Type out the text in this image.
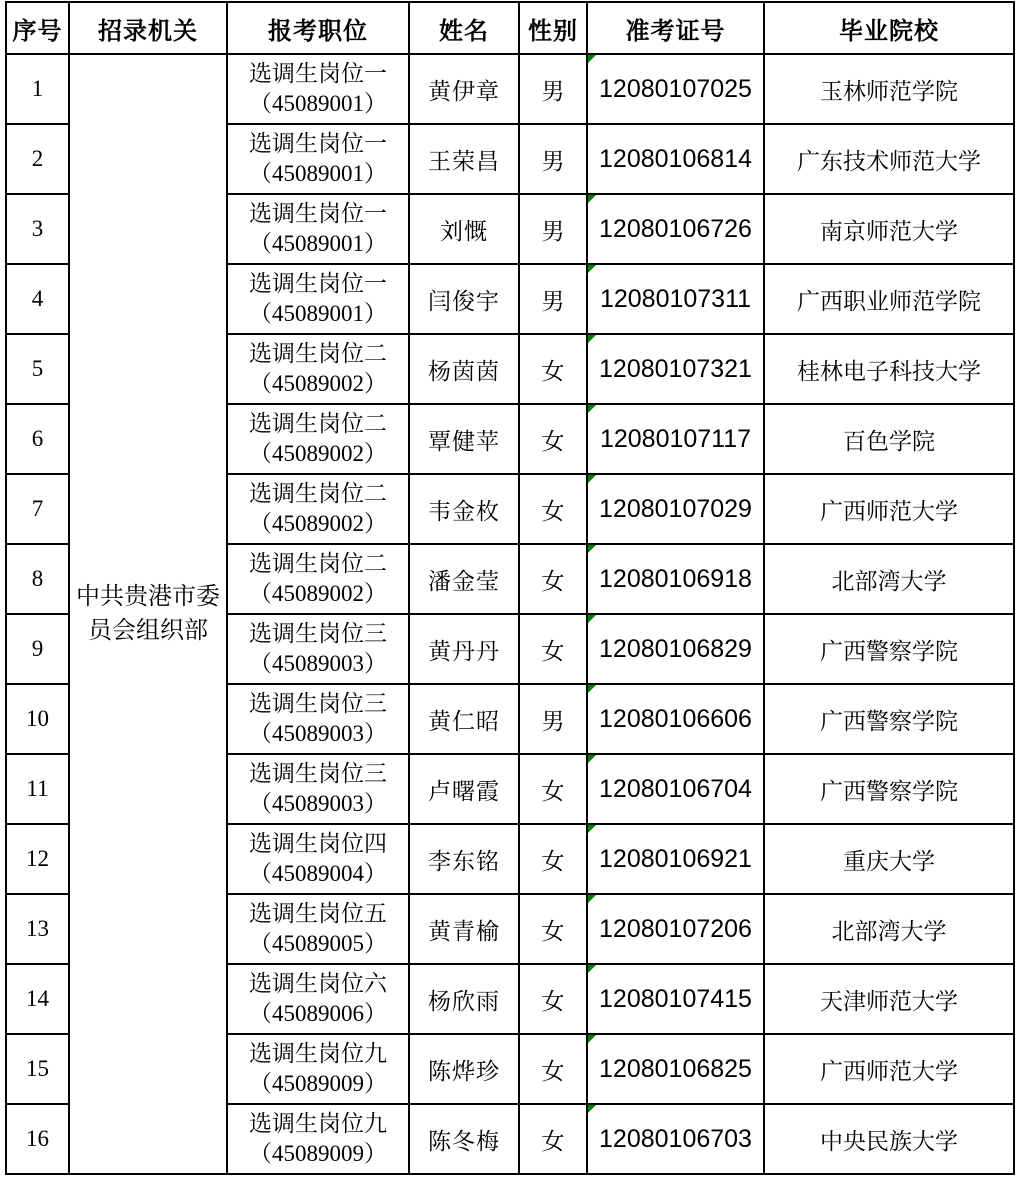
序号	招录机关	报考职位	姓名	性别	准考证号	毕业院校
1	中共贵港市委员会组织部	选调生岗位一
（45089001）	黄伊章	男	12080107025	玉林师范学院
2		选调生岗位一
（45089001）	王荣昌	男	12080106814	广东技术师范大学
3		选调生岗位一
（45089001）	刘慨	男	12080106726	南京师范大学
4		选调生岗位一
（45089001）	闫俊宇	男	12080107311	广西职业师范学院
5		选调生岗位二
（45089002）	杨茵茵	女	12080107321	桂林电子科技大学
6		选调生岗位二
（45089002）	覃健苹	女	12080107117	百色学院
7		选调生岗位二
（45089002）	韦金枚	女	12080107029	广西师范大学
8		选调生岗位二
（45089002）	潘金莹	女	12080106918	北部湾大学
9		选调生岗位三
（45089003）	黄丹丹	女	12080106829	广西警察学院
10		选调生岗位三
（45089003）	黄仁昭	男	12080106606	广西警察学院
11		选调生岗位三
（45089003）	卢曙霞	女	12080106704	广西警察学院
12		选调生岗位四
（45089004）	李东铭	女	12080106921	重庆大学
13		选调生岗位五
（45089005）	黄青榆	女	12080107206	北部湾大学
14		选调生岗位六
（45089006）	杨欣雨	女	12080107415	天津师范大学
15		选调生岗位九
（45089009）	陈烨珍	女	12080106825	广西师范大学
16		选调生岗位九
（45089009）	陈冬梅	女	12080106703	中央民族大学
